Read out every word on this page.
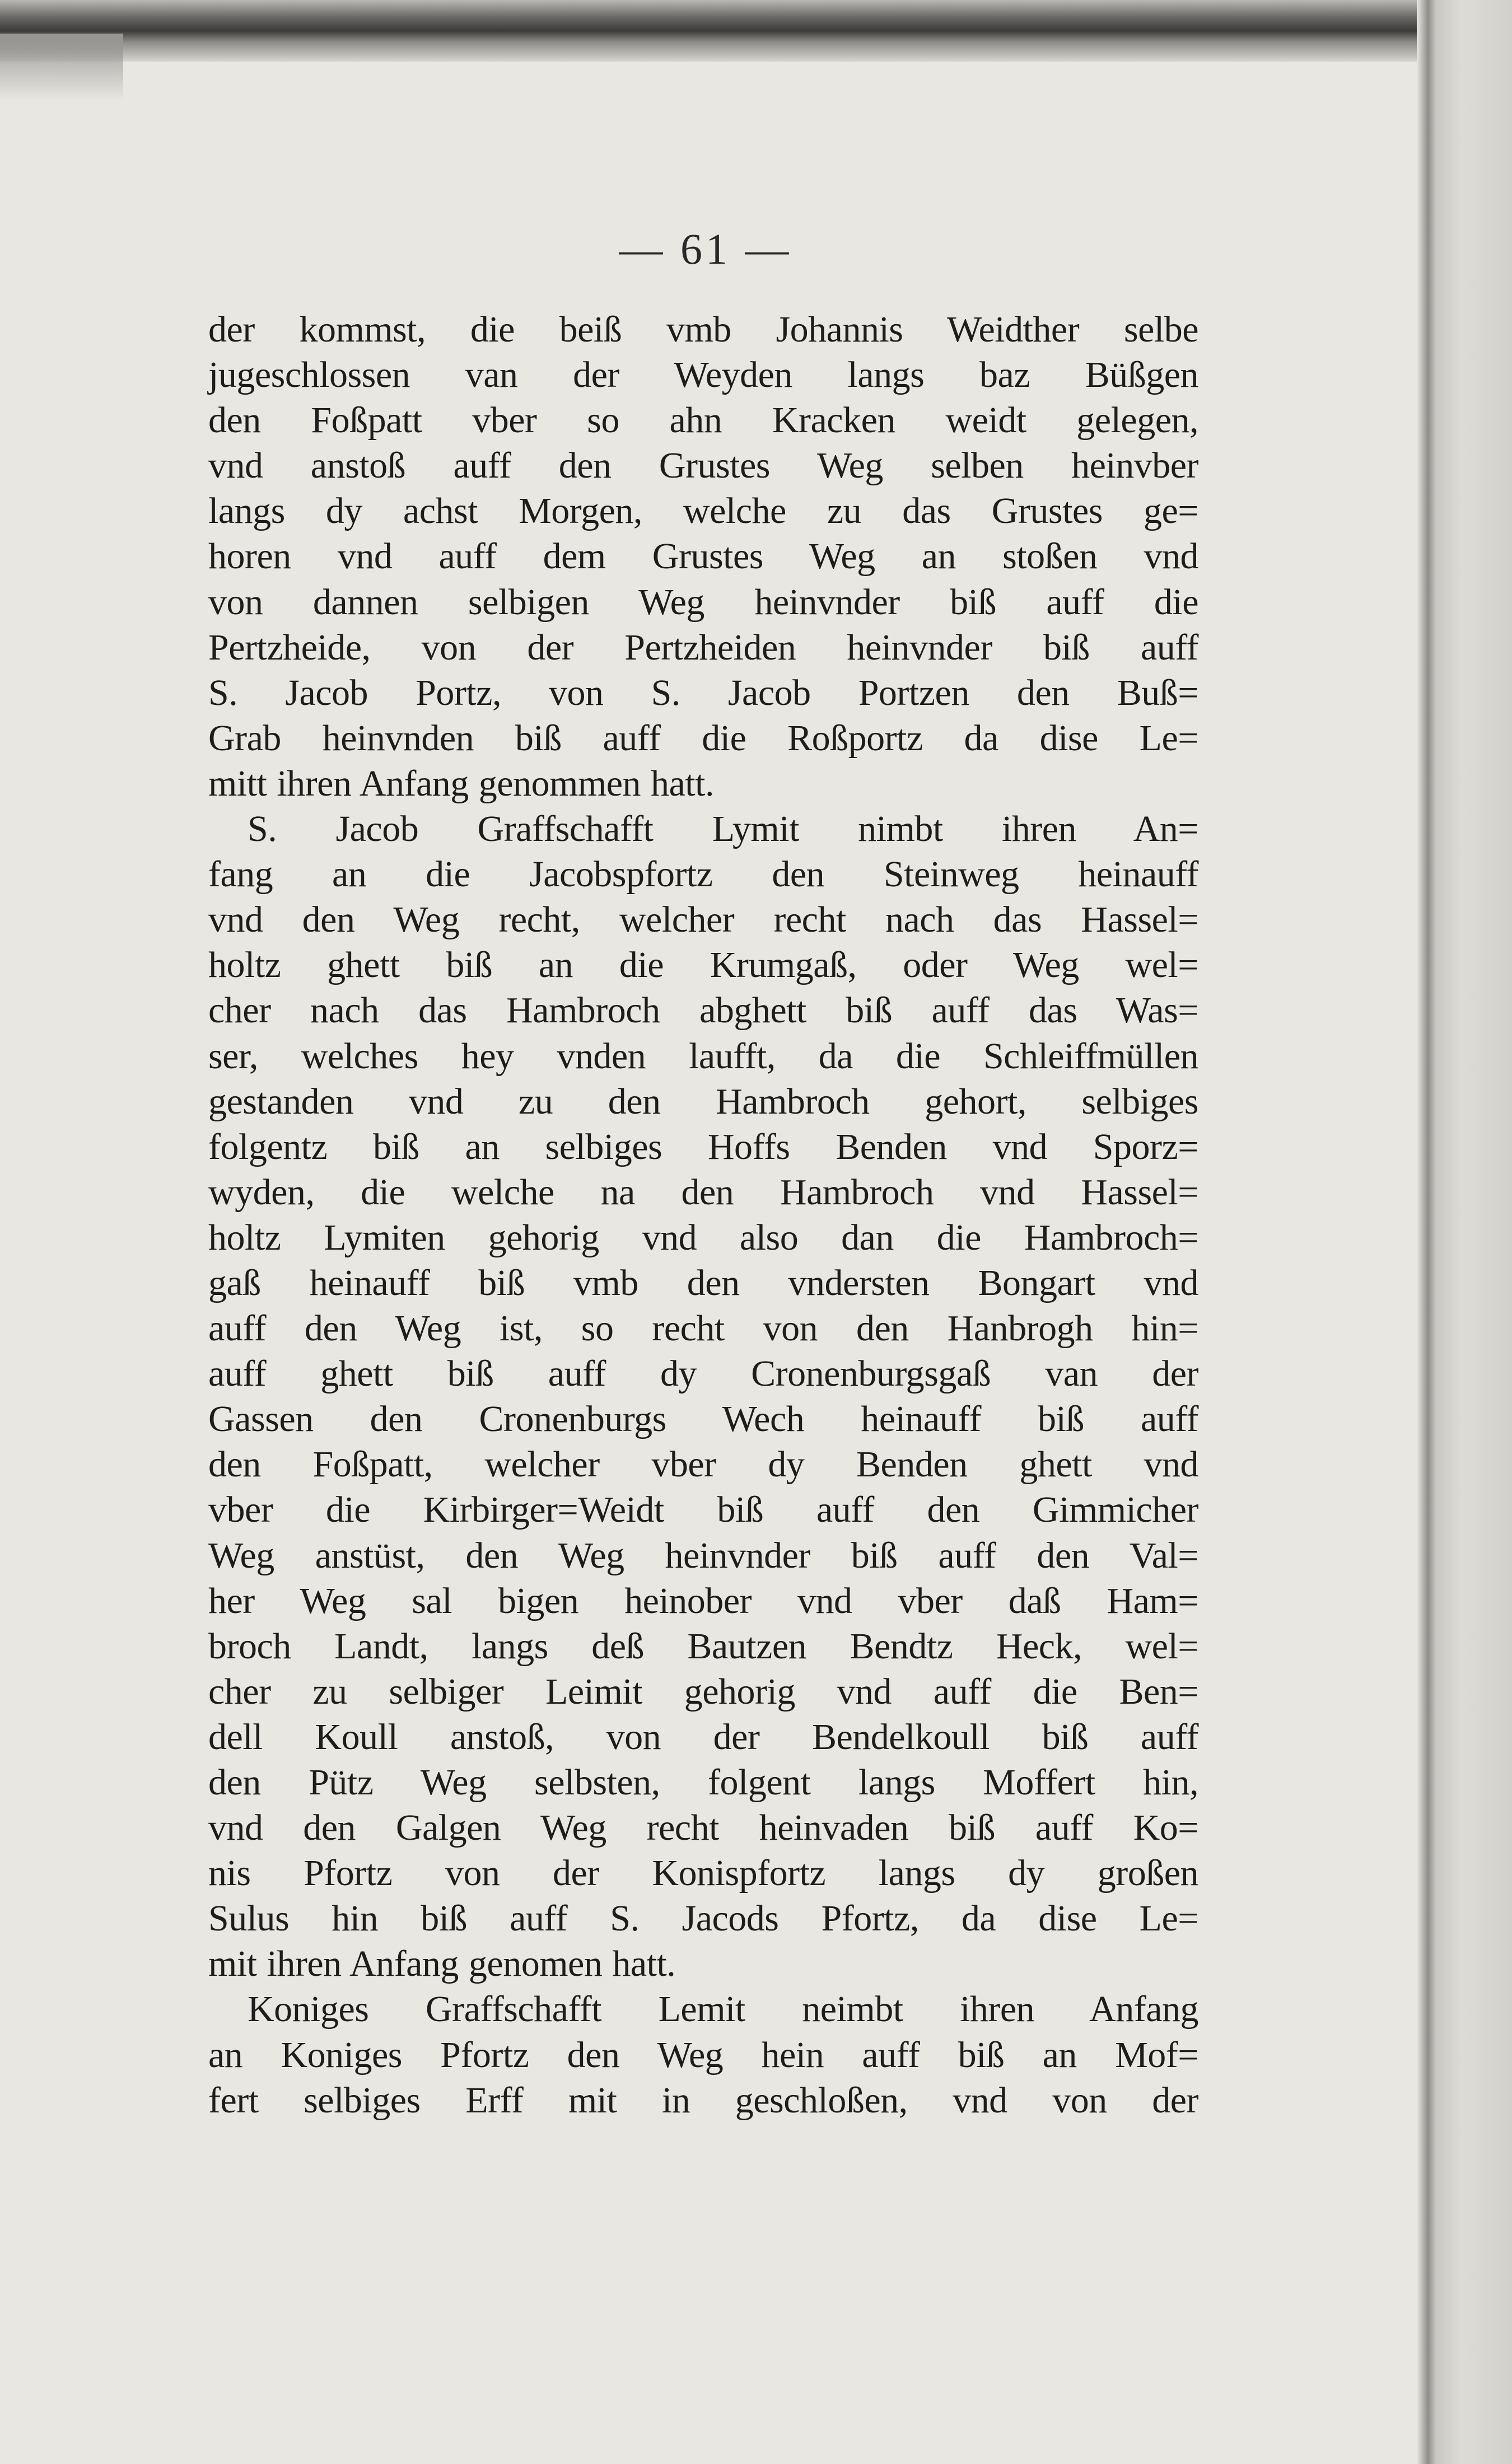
— 61 —
der kommst, die beiß vmb Johannis Weidther selbe
jugeschlossen van der Weyden langs baz Büßgen
den Foßpatt vber so ahn Kracken weidt gelegen,
vnd anstoß auff den Grustes Weg selben heinvber
langs dy achst Morgen, welche zu das Grustes ge=
horen vnd auff dem Grustes Weg an stoßen vnd
von dannen selbigen Weg heinvnder biß auff die
Pertzheide, von der Pertzheiden heinvnder biß auff
S. Jacob Portz, von S. Jacob Portzen den Buß=
Grab heinvnden biß auff die Roßportz da dise Le=
mitt ihren Anfang genommen hatt.
S. Jacob Graffschafft Lymit nimbt ihren An=
fang an die Jacobspfortz den Steinweg heinauff
vnd den Weg recht, welcher recht nach das Hassel=
holtz ghett biß an die Krumgaß, oder Weg wel=
cher nach das Hambroch abghett biß auff das Was=
ser, welches hey vnden laufft, da die Schleiffmüllen
gestanden vnd zu den Hambroch gehort, selbiges
folgentz biß an selbiges Hoffs Benden vnd Sporz=
wyden, die welche na den Hambroch vnd Hassel=
holtz Lymiten gehorig vnd also dan die Hambroch=
gaß heinauff biß vmb den vndersten Bongart vnd
auff den Weg ist, so recht von den Hanbrogh hin=
auff ghett biß auff dy Cronenburgsgaß van der
Gassen den Cronenburgs Wech heinauff biß auff
den Foßpatt, welcher vber dy Benden ghett vnd
vber die Kirbirger=Weidt biß auff den Gimmicher
Weg anstüst, den Weg heinvnder biß auff den Val=
her Weg sal bigen heinober vnd vber daß Ham=
broch Landt, langs deß Bautzen Bendtz Heck, wel=
cher zu selbiger Leimit gehorig vnd auff die Ben=
dell Koull anstoß, von der Bendelkoull biß auff
den Pütz Weg selbsten, folgent langs Moffert hin,
vnd den Galgen Weg recht heinvaden biß auff Ko=
nis Pfortz von der Konispfortz langs dy großen
Sulus hin biß auff S. Jacods Pfortz, da dise Le=
mit ihren Anfang genomen hatt.
Koniges Graffschafft Lemit neimbt ihren Anfang
an Koniges Pfortz den Weg hein auff biß an Mof=
fert selbiges Erff mit in geschloßen, vnd von der
